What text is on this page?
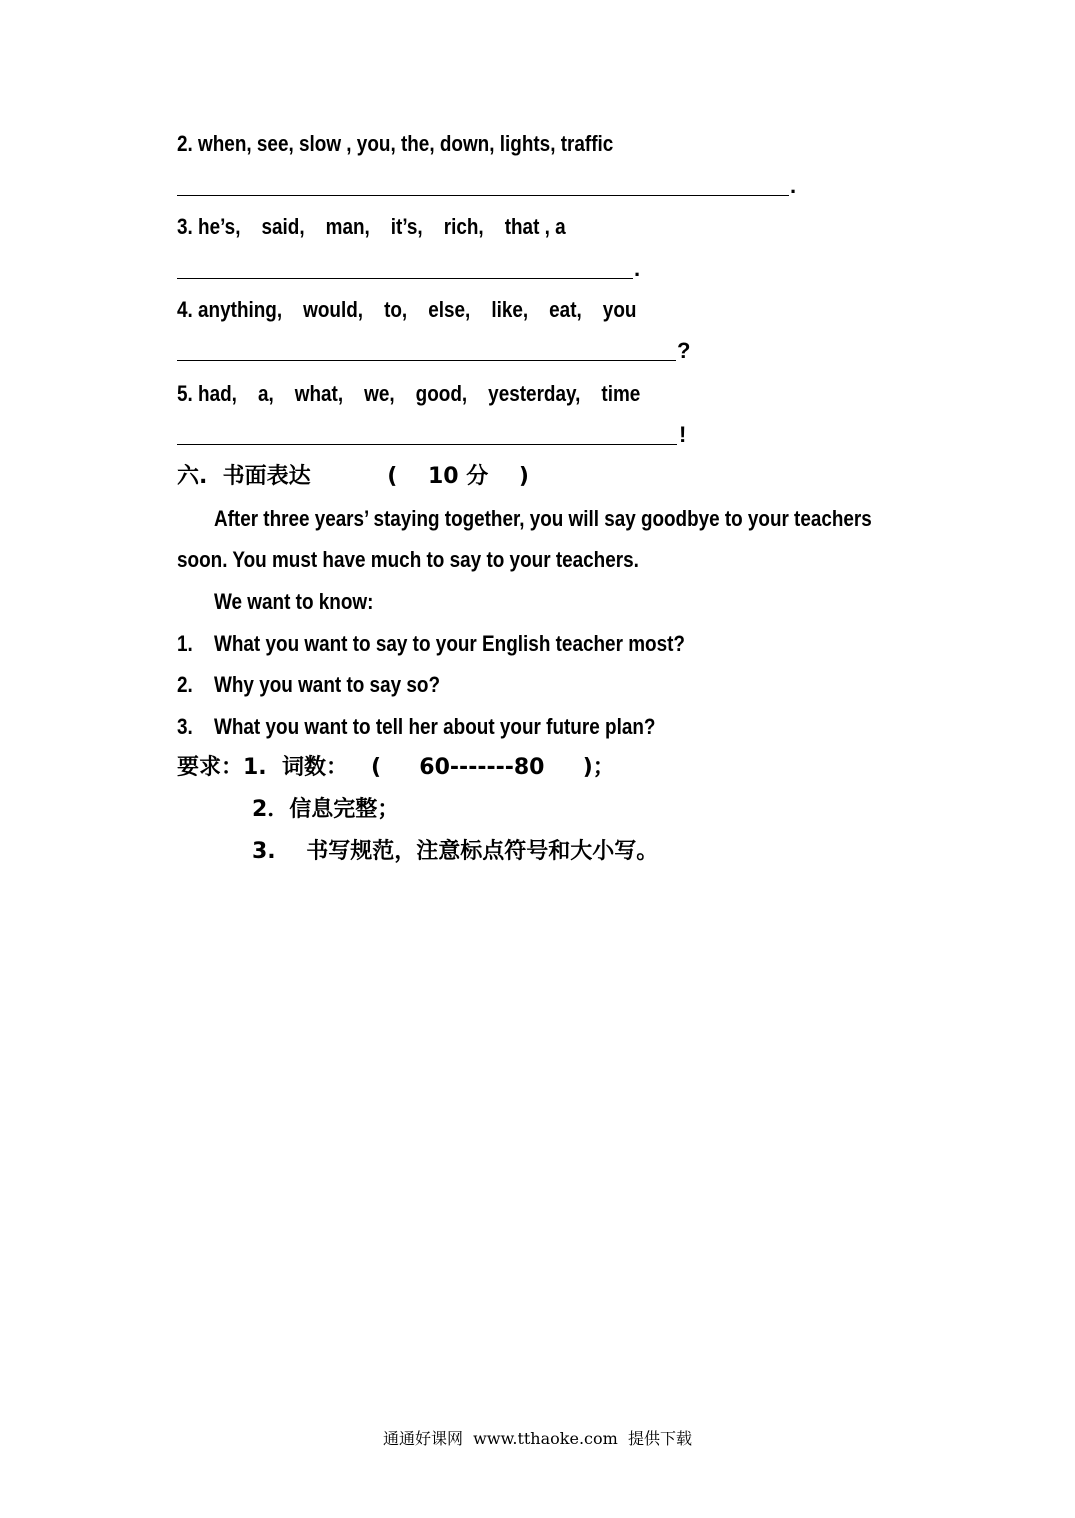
2. when, see, slow , you, the, down, lights, traffic

.

3. he’s,    said,    man,    it’s,    rich,    that , a

.

4. anything,    would,    to,    else,    like,    eat,    you

?

5. had,    a,    what,    we,    good,    yesterday,    time

!

六.  书面表达          (    10 分    )
After three years’ staying together, you will say goodbye to your teachers
soon. You must have much to say to your teachers.
We want to know:
1. What you want to say to your English teacher most?
2. Why you want to say so?
3. What you want to tell her about your future plan?
要求：1.  词数：   (     60-------80     )；
2．信息完整；
3.    书写规范，注意标点符号和大小写。
通通好课网  www.tthaoke.com  提供下载
